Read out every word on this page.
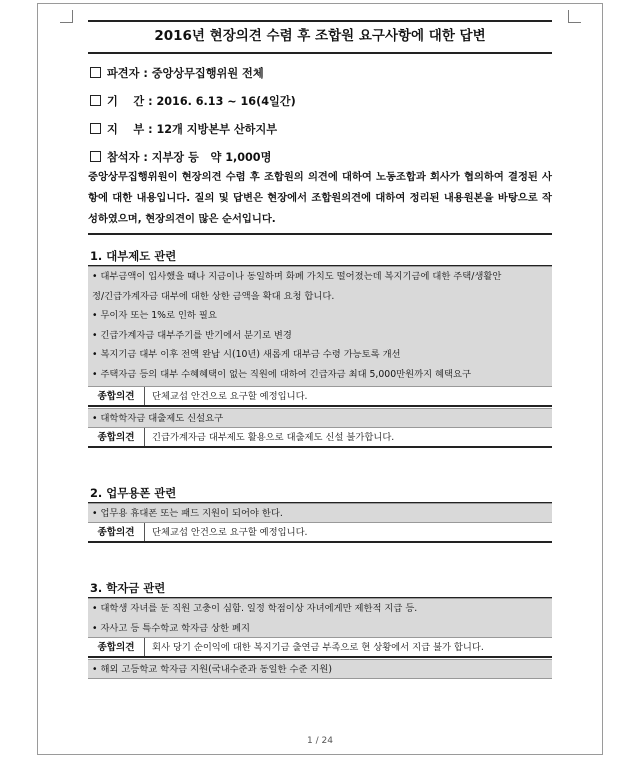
2016년 현장의견 수렴 후 조합원 요구사항에 대한 답변
파견자 : 중앙상무집행위원 전체
기    간 : 2016. 6.13 ~ 16(4일간)
지    부 : 12개 지방본부 산하지부
참석자 : 지부장 등   약 1,000명
중앙상무집행위원이 현장의견 수렴 후 조합원의 의견에 대하여 노동조합과 회사가 협의하여 결정된 사항에 대한 내용입니다. 질의 및 답변은 현장에서 조합원의견에 대하여 정리된 내용원본을 바탕으로 작성하였으며, 현장의견이 많은 순서입니다.
1. 대부제도 관련
• 대부금액이 입사했을 때나 지금이나 동일하며 화폐 가치도 떨어졌는데 복지기금에 대한 주택/생활안
정/긴급가계자금 대부에 대한 상한 금액을 확대 요청 합니다.
• 무이자 또는 1%로 인하 필요
• 긴급가계자금 대부주기를 반기에서 분기로 변경
• 복지기금 대부 이후 전액 완납 시(10년) 새롭게 대부금 수령 가능토록 개선
• 주택자금 등의 대부 수혜혜택이 없는 직원에 대하여 긴급자금 최대 5,000만원까지 혜택요구
종합의견	단체교섭 안건으로 요구할 예정입니다.
• 대학학자금 대출제도 신설요구
종합의견	긴급가계자금 대부제도 활용으로 대출제도 신설 불가합니다.
2. 업무용폰 관련
• 업무용 휴대폰 또는 패드 지원이 되어야 한다.
종합의견	단체교섭 안건으로 요구할 예정입니다.
3. 학자금 관련
• 대학생 자녀를 둔 직원 고충이 심함. 일정 학점이상 자녀에게만 제한적 지급 등.
• 자사고 등 특수학교 학자금 상한 폐지
종합의견	회사 당기 순이익에 대한 복지기금 출연금 부족으로 현 상황에서 지급 불가 합니다.
• 해외 고등학교 학자금 지원(국내수준과 동일한 수준 지원)
1 / 24
